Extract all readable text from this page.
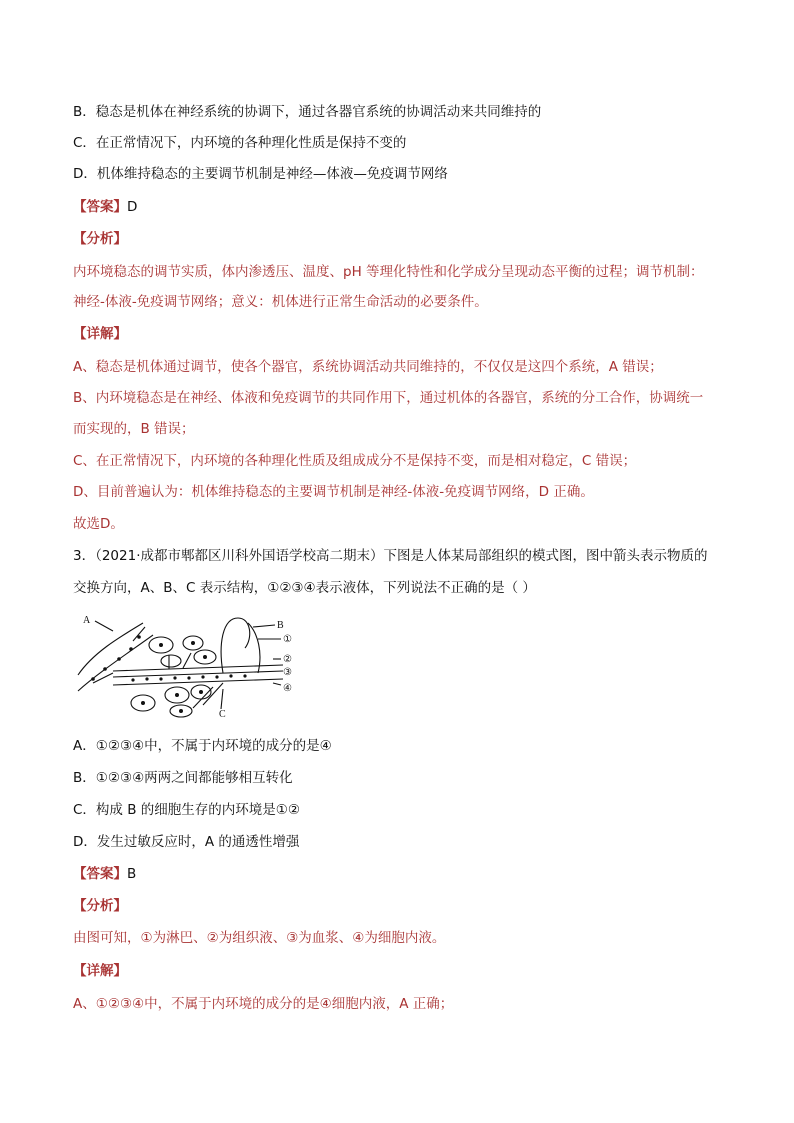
B．稳态是机体在神经系统的协调下，通过各器官系统的协调活动来共同维持的
C．在正常情况下，内环境的各种理化性质是保持不变的
D．机体维持稳态的主要调节机制是神经—体液—免疫调节网络
【答案】D
【分析】
内环境稳态的调节实质，体内渗透压、温度、pH 等理化特性和化学成分呈现动态平衡的过程；调节机制：
神经-体液-免疫调节网络；意义：机体进行正常生命活动的必要条件。
【详解】
A、稳态是机体通过调节，使各个器官，系统协调活动共同维持的，不仅仅是这四个系统，A 错误；
B、内环境稳态是在神经、体液和免疫调节的共同作用下，通过机体的各器官，系统的分工合作，协调统一
而实现的，B 错误；
C、在正常情况下，内环境的各种理化性质及组成成分不是保持不变，而是相对稳定，C 错误；
D、目前普遍认为：机体维持稳态的主要调节机制是神经-体液-免疫调节网络，D 正确。
故选D。
3．（2021·成都市郫都区川科外国语学校高二期末）下图是人体某局部组织的模式图，图中箭头表示物质的
交换方向，A、B、C 表示结构，①②③④表示液体，下列说法不正确的是（ ）
A	B
C
①
②
③
④
A．①②③④中，不属于内环境的成分的是④
B．①②③④两两之间都能够相互转化
C．构成 B 的细胞生存的内环境是①②
D．发生过敏反应时，A 的通透性增强
【答案】B
【分析】
由图可知，①为淋巴、②为组织液、③为血浆、④为细胞内液。
【详解】
A、①②③④中，不属于内环境的成分的是④细胞内液，A 正确；
